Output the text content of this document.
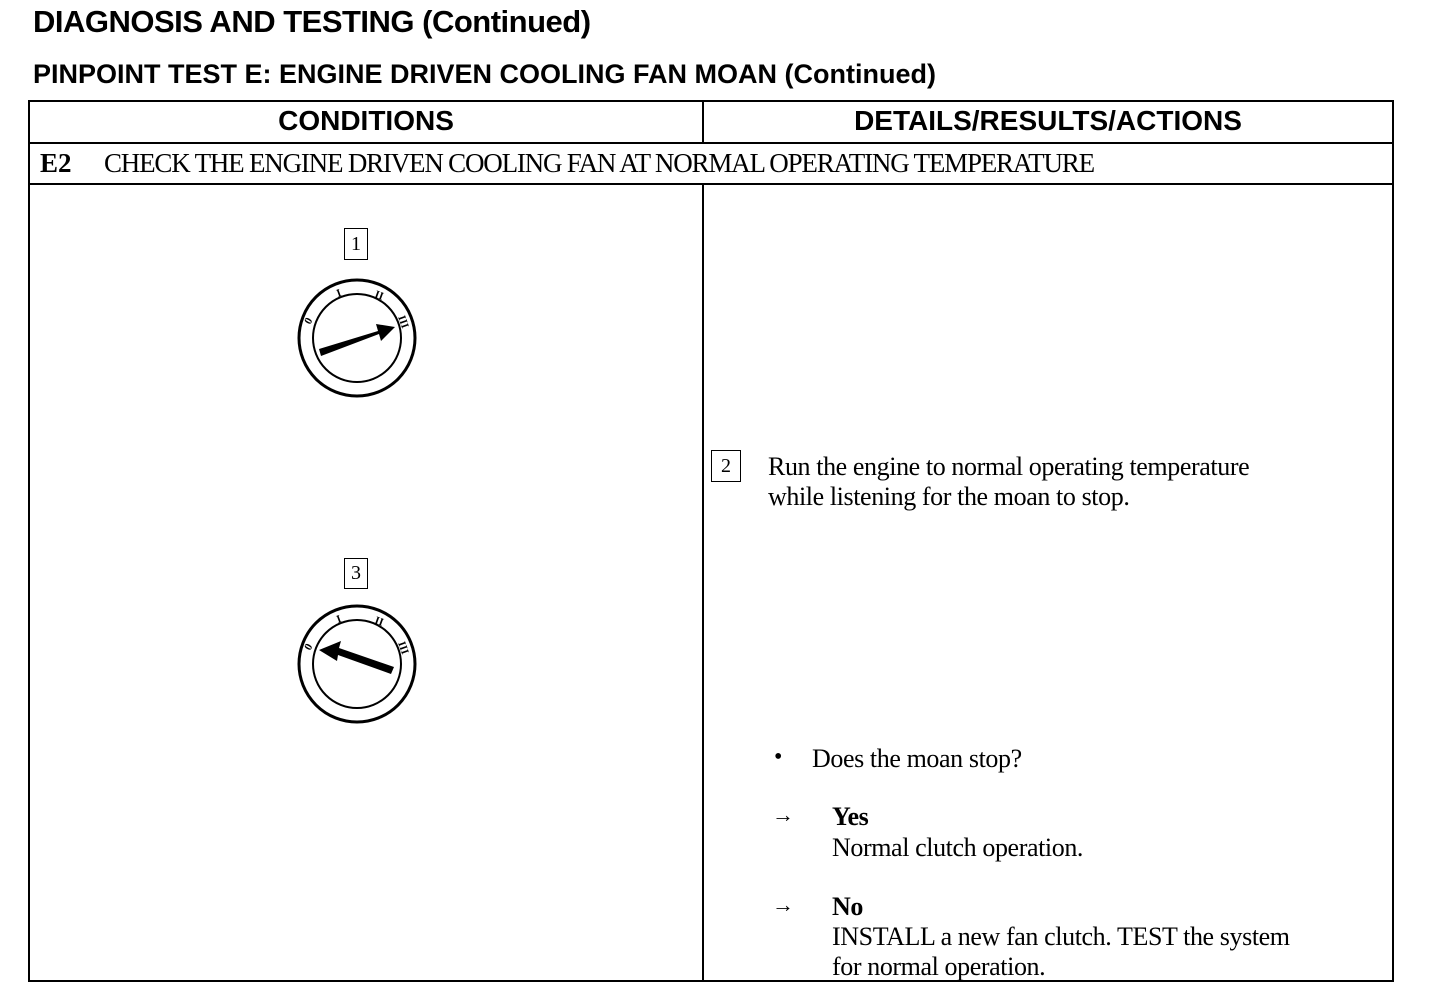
DIAGNOSIS AND TESTING (Continued)
PINPOINT TEST E: ENGINE DRIVEN COOLING FAN MOAN (Continued)
CONDITIONS	DETAILS/RESULTS/ACTIONS
E2 CHECK THE ENGINE DRIVEN COOLING FAN AT NORMAL OPERATING TEMPERATURE
1
0
I	II
III
3
0
I	II
III
2	Run the engine to normal operating temperature
while listening for the moan to stop.
• Does the moan stop?
→ Yes
Normal clutch operation.
→ No
INSTALL a new fan clutch. TEST the system
for normal operation.
